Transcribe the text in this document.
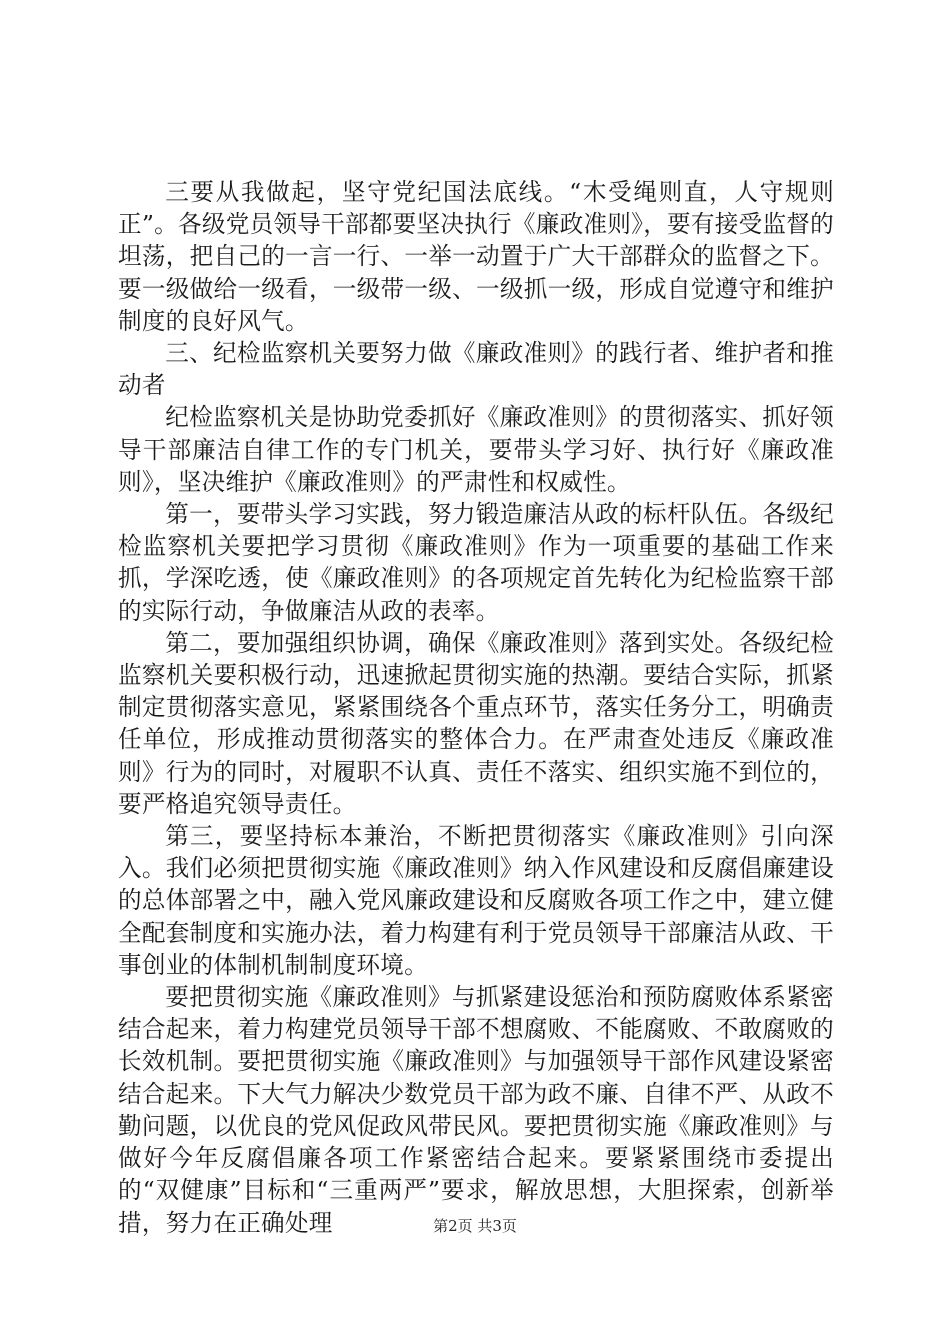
三要从我做起，坚守党纪国法底线。“木受绳则直，人守规则正”。各级党员领导干部都要坚决执行《廉政准则》，要有接受监督的坦荡，把自己的一言一行、一举一动置于广大干部群众的监督之下。要一级做给一级看，一级带一级、一级抓一级，形成自觉遵守和维护制度的良好风气。

三、纪检监察机关要努力做《廉政准则》的践行者、维护者和推动者

纪检监察机关是协助党委抓好《廉政准则》的贯彻落实、抓好领导干部廉洁自律工作的专门机关，要带头学习好、执行好《廉政准则》，坚决维护《廉政准则》的严肃性和权威性。

第一，要带头学习实践，努力锻造廉洁从政的标杆队伍。各级纪检监察机关要把学习贯彻《廉政准则》作为一项重要的基础工作来抓，学深吃透，使《廉政准则》的各项规定首先转化为纪检监察干部的实际行动，争做廉洁从政的表率。

第二，要加强组织协调，确保《廉政准则》落到实处。各级纪检监察机关要积极行动，迅速掀起贯彻实施的热潮。要结合实际，抓紧制定贯彻落实意见，紧紧围绕各个重点环节，落实任务分工，明确责任单位，形成推动贯彻落实的整体合力。在严肃查处违反《廉政准则》行为的同时，对履职不认真、责任不落实、组织实施不到位的，要严格追究领导责任。

第三，要坚持标本兼治，不断把贯彻落实《廉政准则》引向深入。我们必须把贯彻实施《廉政准则》纳入作风建设和反腐倡廉建设的总体部署之中，融入党风廉政建设和反腐败各项工作之中，建立健全配套制度和实施办法，着力构建有利于党员领导干部廉洁从政、干事创业的体制机制制度环境。

要把贯彻实施《廉政准则》与抓紧建设惩治和预防腐败体系紧密结合起来，着力构建党员领导干部不想腐败、不能腐败、不敢腐败的长效机制。要把贯彻实施《廉政准则》与加强领导干部作风建设紧密结合起来。下大气力解决少数党员干部为政不廉、自律不严、从政不勤问题，以优良的党风促政风带民风。要把贯彻实施《廉政准则》与做好今年反腐倡廉各项工作紧密结合起来。要紧紧围绕市委提出的“双健康”目标和“三重两严”要求，解放思想，大胆探索，创新举措，努力在正确处理	第2页 共3页
